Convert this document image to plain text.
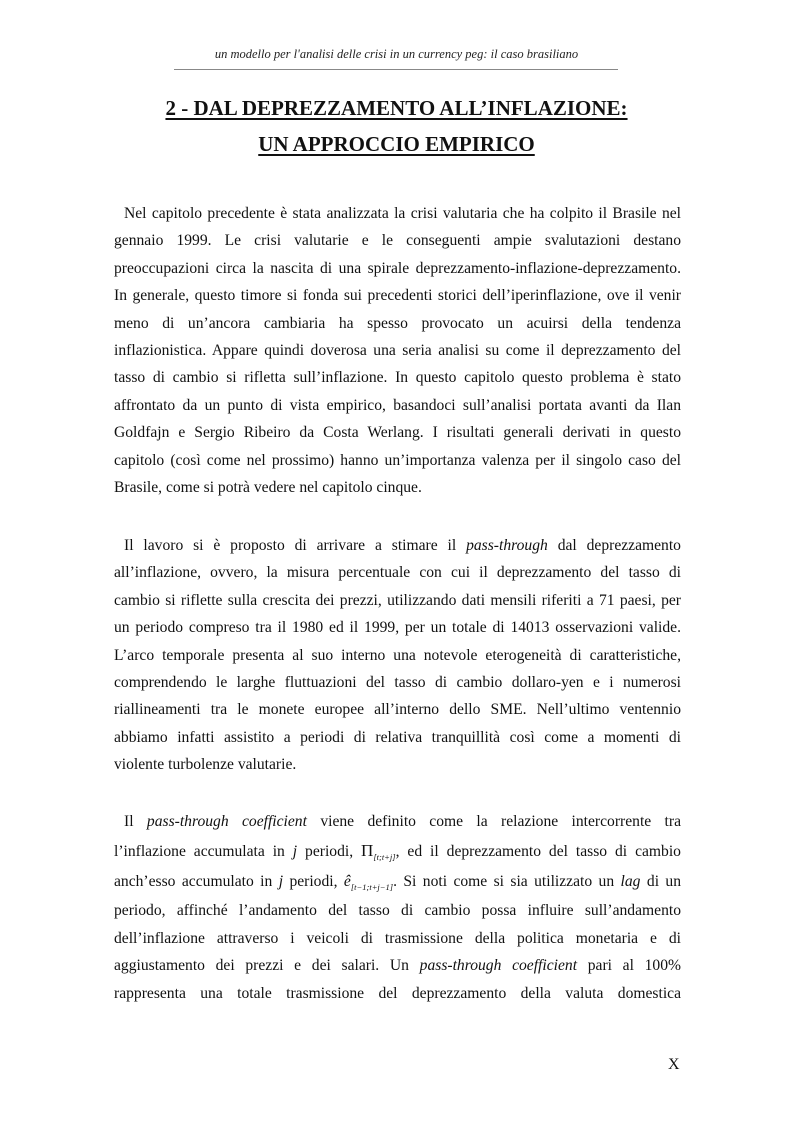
un modello per l'analisi delle crisi in un currency peg: il caso brasiliano
2 - DAL DEPREZZAMENTO ALL’INFLAZIONE:
UN APPROCCIO EMPIRICO
Nel capitolo precedente è stata analizzata la crisi valutaria che ha colpito il Brasile nel
gennaio 1999. Le crisi valutarie e le conseguenti ampie svalutazioni destano
preoccupazioni circa la nascita di una spirale deprezzamento-inflazione-deprezzamento.
In generale, questo timore si fonda sui precedenti storici dell’iperinflazione, ove il venir
meno di un’ancora cambiaria ha spesso provocato un acuirsi della tendenza
inflazionistica. Appare quindi doverosa una seria analisi su come il deprezzamento del
tasso di cambio si rifletta sull’inflazione. In questo capitolo questo problema è stato
affrontato da un punto di vista empirico, basandoci sull’analisi portata avanti da Ilan
Goldfajn e Sergio Ribeiro da Costa Werlang. I risultati generali derivati in questo
capitolo (così come nel prossimo) hanno un’importanza valenza per il singolo caso del
Brasile, come si potrà vedere nel capitolo cinque.
Il lavoro si è proposto di arrivare a stimare il pass-through dal deprezzamento
all’inflazione, ovvero, la misura percentuale con cui il deprezzamento del tasso di
cambio si riflette sulla crescita dei prezzi, utilizzando dati mensili riferiti a 71 paesi, per
un periodo compreso tra il 1980 ed il 1999, per un totale di 14013 osservazioni valide.
L’arco temporale presenta al suo interno una notevole eterogeneità di caratteristiche,
comprendendo le larghe fluttuazioni del tasso di cambio dollaro-yen e i numerosi
riallineamenti tra le monete europee all’interno dello SME. Nell’ultimo ventennio
abbiamo infatti assistito a periodi di relativa tranquillità così come a momenti di
violente turbolenze valutarie.
Il pass-through coefficient viene definito come la relazione intercorrente tra
l’inflazione accumulata in j periodi, $\Pi_{[t;t+j]}$, ed il deprezzamento del tasso di cambio
anch’esso accumulato in j periodi, $ê_{[t-1;t+j-1]}$. Si noti come si sia utilizzato un lag di un
periodo, affinché l’andamento del tasso di cambio possa influire sull’andamento
dell’inflazione attraverso i veicoli di trasmissione della politica monetaria e di
aggiustamento dei prezzi e dei salari. Un pass-through coefficient pari al 100%
rappresenta una totale trasmissione del deprezzamento della valuta domestica
X
